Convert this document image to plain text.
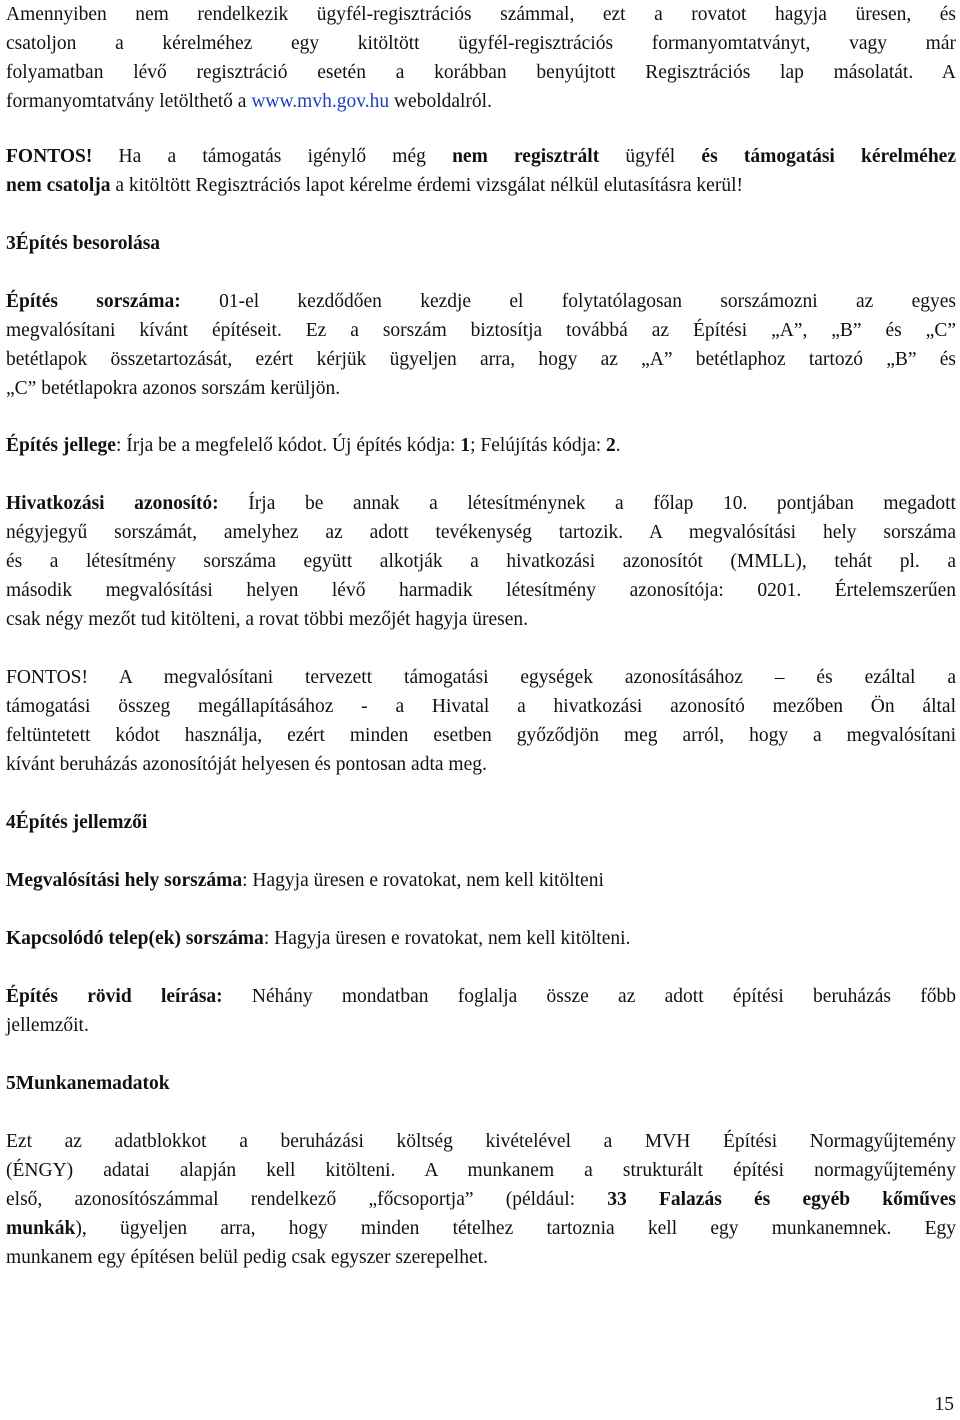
Amennyiben nem rendelkezik ügyfél-regisztrációs számmal, ezt a rovatot hagyja üresen, és
csatoljon a kérelméhez egy kitöltött ügyfél-regisztrációs formanyomtatványt, vagy már
folyamatban lévő regisztráció esetén a korábban benyújtott Regisztrációs lap másolatát. A
formanyomtatvány letölthető a www.mvh.gov.hu weboldalról.

FONTOS! Ha a támogatás igénylő még nem regisztrált ügyfél és támogatási kérelméhez
nem csatolja a kitöltött Regisztrációs lapot kérelme érdemi vizsgálat nélkül elutasításra kerül!

3Építés besorolása

Építés sorszáma: 01-el kezdődően kezdje el folytatólagosan sorszámozni az egyes
megvalósítani kívánt építéseit. Ez a sorszám biztosítja továbbá az Építési „A”, „B” és „C”
betétlapok összetartozását, ezért kérjük ügyeljen arra, hogy az „A” betétlaphoz tartozó „B” és
„C” betétlapokra azonos sorszám kerüljön.

Építés jellege: Írja be a megfelelő kódot. Új építés kódja: 1; Felújítás kódja: 2.

Hivatkozási azonosító: Írja be annak a létesítménynek a főlap 10. pontjában megadott
négyjegyű sorszámát, amelyhez az adott tevékenység tartozik. A megvalósítási hely sorszáma
és a létesítmény sorszáma együtt alkotják a hivatkozási azonosítót (MMLL), tehát pl. a
második megvalósítási helyen lévő harmadik létesítmény azonosítója: 0201. Értelemszerűen
csak négy mezőt tud kitölteni, a rovat többi mezőjét hagyja üresen.

FONTOS! A megvalósítani tervezett támogatási egységek azonosításához – és ezáltal a
támogatási összeg megállapításához - a Hivatal a hivatkozási azonosító mezőben Ön által
feltüntetett kódot használja, ezért minden esetben győződjön meg arról, hogy a megvalósítani
kívánt beruházás azonosítóját helyesen és pontosan adta meg.

4Építés jellemzői

Megvalósítási hely sorszáma: Hagyja üresen e rovatokat, nem kell kitölteni

Kapcsolódó telep(ek) sorszáma: Hagyja üresen e rovatokat, nem kell kitölteni.

Építés rövid leírása: Néhány mondatban foglalja össze az adott építési beruházás főbb
jellemzőit.

5Munkanemadatok

Ezt az adatblokkot a beruházási költség kivételével a MVH Építési Normagyűjtemény
(ÉNGY) adatai alapján kell kitölteni. A munkanem a strukturált építési normagyűjtemény
első, azonosítószámmal rendelkező „főcsoportja” (például: 33 Falazás és egyéb kőműves
munkák), ügyeljen arra, hogy minden tételhez tartoznia kell egy munkanemnek. Egy
munkanem egy építésen belül pedig csak egyszer szerepelhet.

15
